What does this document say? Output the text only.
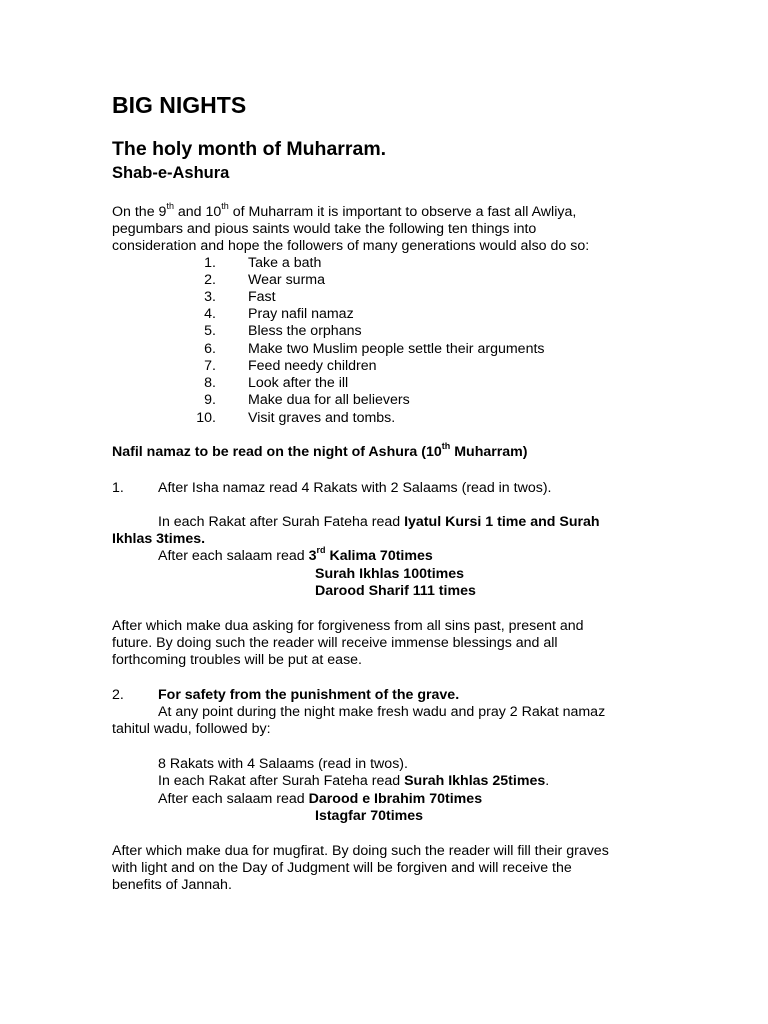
BIG NIGHTS
The holy month of Muharram.
Shab-e-Ashura
On the 9th and 10th of Muharram it is important to observe a fast all Awliya,
pegumbars and pious saints would take the following ten things into
consideration and hope the followers of many generations would also do so:
1. Take a bath
2. Wear surma
3. Fast
4. Pray nafil namaz
5. Bless the orphans
6. Make two Muslim people settle their arguments
7. Feed needy children
8. Look after the ill
9. Make dua for all believers
10. Visit graves and tombs.
Nafil namaz to be read on the night of Ashura (10th Muharram)
1. After Isha namaz read 4 Rakats with 2 Salaams (read in twos).
In each Rakat after Surah Fateha read Iyatul Kursi 1 time and Surah
Ikhlas 3times.
After each salaam read 3rd Kalima 70times
Surah Ikhlas 100times
Darood Sharif 111 times
After which make dua asking for forgiveness from all sins past, present and
future. By doing such the reader will receive immense blessings and all
forthcoming troubles will be put at ease.
2. For safety from the punishment of the grave.
At any point during the night make fresh wadu and pray 2 Rakat namaz
tahitul wadu, followed by:
8 Rakats with 4 Salaams (read in twos).
In each Rakat after Surah Fateha read Surah Ikhlas 25times.
After each salaam read Darood e Ibrahim 70times
Istagfar 70times
After which make dua for mugfirat. By doing such the reader will fill their graves
with light and on the Day of Judgment will be forgiven and will receive the
benefits of Jannah.
